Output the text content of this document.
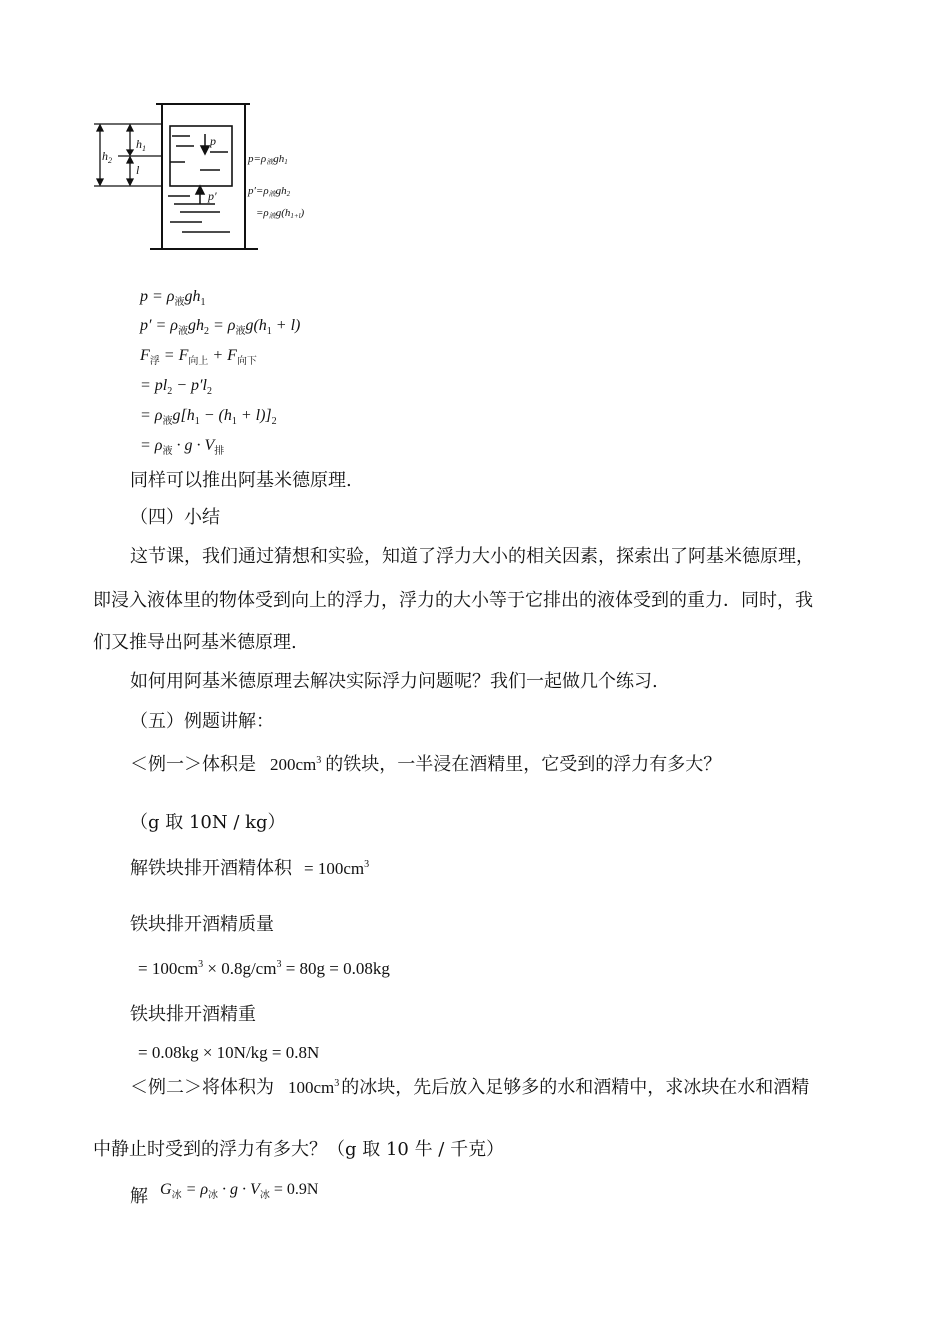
$h_2$
$h_1$
l
p
p′
p=ρ液gh1
p′=ρ液gh2
=ρ液g(h1+l)
$p = \rho_液gh_1$
$p' = \rho_液gh_2 = \rho_液g(h_1 + l)$
$F_浮 = F_{向上} + F_{向下}$
= $pl_2 - p'l_2$
= $\rho_液g[h_1 - (h_1 + l)]_2$
= $\rho_液 \cdot g \cdot V_排$
同样可以推出阿基米德原理.
（四）小结
这节课，我们通过猜想和实验，知道了浮力大小的相关因素，探索出了阿基米德原理，
即浸入液体里的物体受到向上的浮力，浮力的大小等于它排出的液体受到的重力．同时，我
们又推导出阿基米德原理.
如何用阿基米德原理去解决实际浮力问题呢？我们一起做几个练习.
（五）例题讲解：
＜例一＞体积是 $200cm^3$ 的铁块，一半浸在酒精里，它受到的浮力有多大？
（g 取 10N / kg）
解铁块排开酒精体积 = $100cm^3$
铁块排开酒精质量
= $100cm^3 \times 0.8g/cm^3 = 80g = 0.08kg$
铁块排开酒精重
= 0.08kg × 10N/kg = 0.8N
＜例二＞将体积为 $100cm^3$ 的冰块，先后放入足够多的水和酒精中，求冰块在水和酒精
中静止时受到的浮力有多大？（g 取 10 牛 / 千克）
解 $G_冰 = \rho_冰 \cdot g \cdot V_冰 = 0.9N$
